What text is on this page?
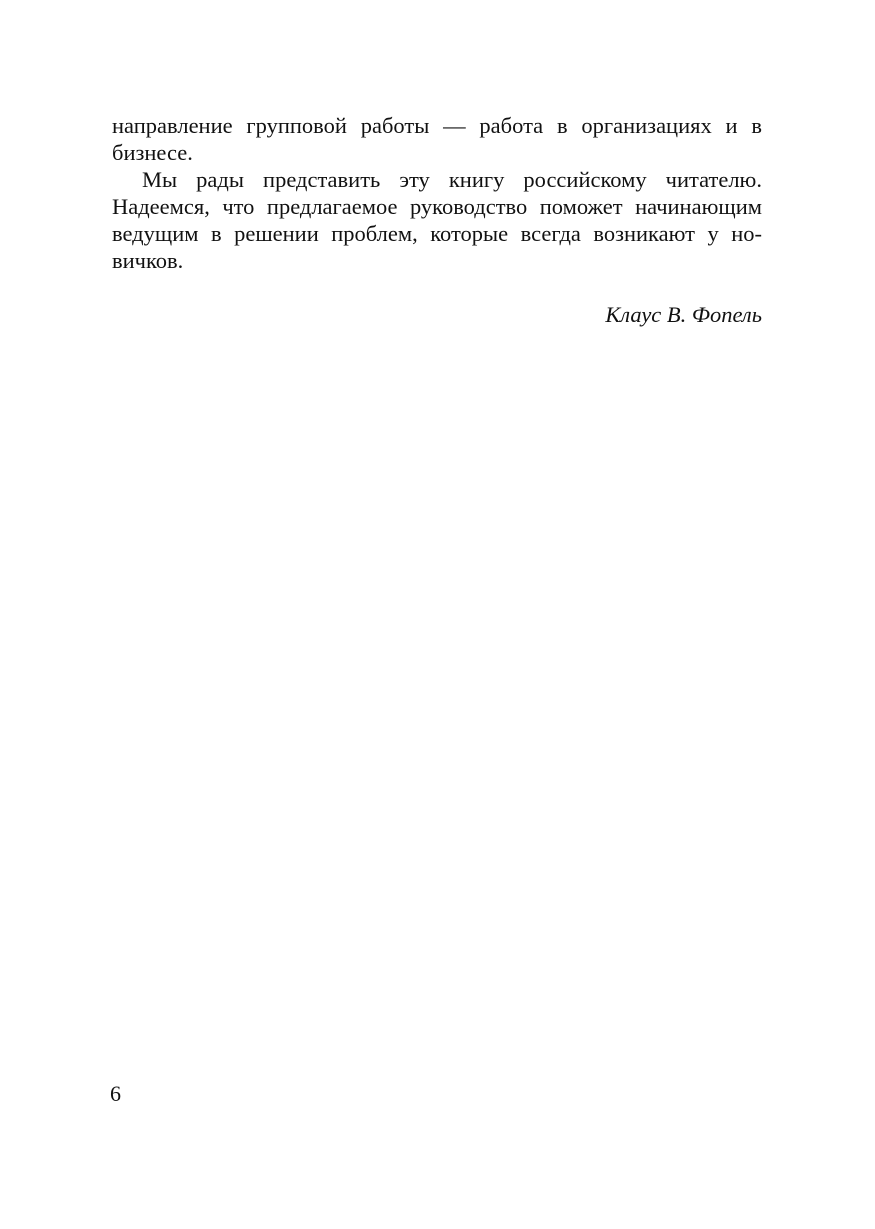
направление групповой работы — работа в организациях и в
бизнесе.
Мы рады представить эту книгу российскому читателю.
Надеемся, что предлагаемое руководство поможет начинающим
ведущим в решении проблем, которые всегда возникают у но-
вичков.
Клаус В. Фопель
6
